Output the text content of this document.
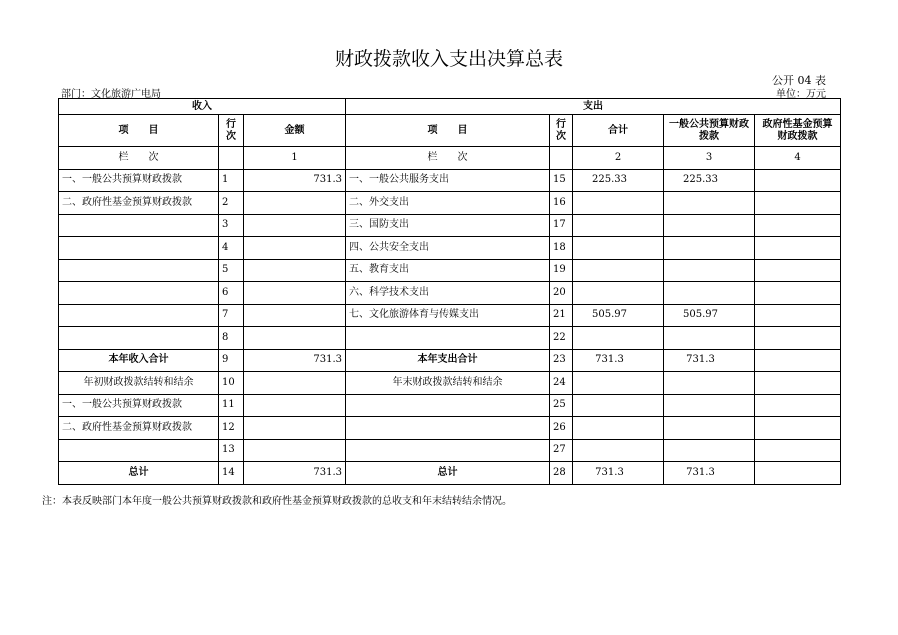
财政拨款收入支出决算总表
公开 04 表
部门：文化旅游广电局	单位：万元
收入			支出				
项　　目	行次	金额	项　　目	行次	合计	一般公共预算财政拨款	政府性基金预算财政拨款
栏　　次		1	栏　　次		2	3	4
一、一般公共预算财政拨款	1	731.3	一、一般公共服务支出	15	225.33	225.33	
二、政府性基金预算财政拨款	2		二、外交支出	16			
	3		三、国防支出	17			
	4		四、公共安全支出	18			
	5		五、教育支出	19			
	6		六、科学技术支出	20			
	7		七、文化旅游体育与传媒支出	21	505.97	505.97	
	8			22			
本年收入合计	9	731.3	本年支出合计	23	731.3	731.3	
年初财政拨款结转和结余	10		年末财政拨款结转和结余	24			
一、一般公共预算财政拨款	11			25			
二、政府性基金预算财政拨款	12			26			
	13			27			
总计	14	731.3	总计	28	731.3	731.3	
注：本表反映部门本年度一般公共预算财政拨款和政府性基金预算财政拨款的总收支和年末结转结余情况。
